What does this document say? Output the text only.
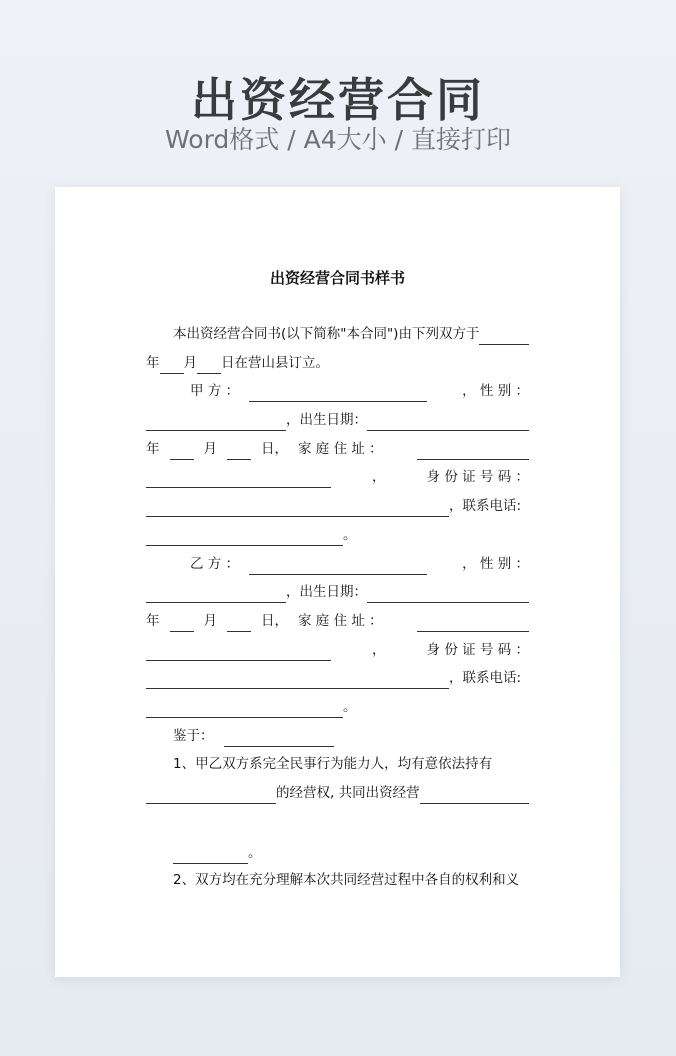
出资经营合同
Word格式 / A4大小 / 直接打印
出资经营合同书样书
本出资经营合同书(以下简称"本合同")由下列双方于
年 月 日在营山县订立。
甲 方 ：	， 性 别 ：
，出生日期：
年	月	日， 家 庭 住 址 ：
，	身 份 证 号 码 ：
，联系电话:
。
乙 方 ：	， 性 别 ：
，出生日期：
年	月	日， 家 庭 住 址 ：
，	身 份 证 号 码 ：
，联系电话:
。
鉴于：
1、甲乙双方系完全民事行为能力人，均有意依法持有
的经营权, 共同出资经营
。
2、双方均在充分理解本次共同经营过程中各自的权利和义
